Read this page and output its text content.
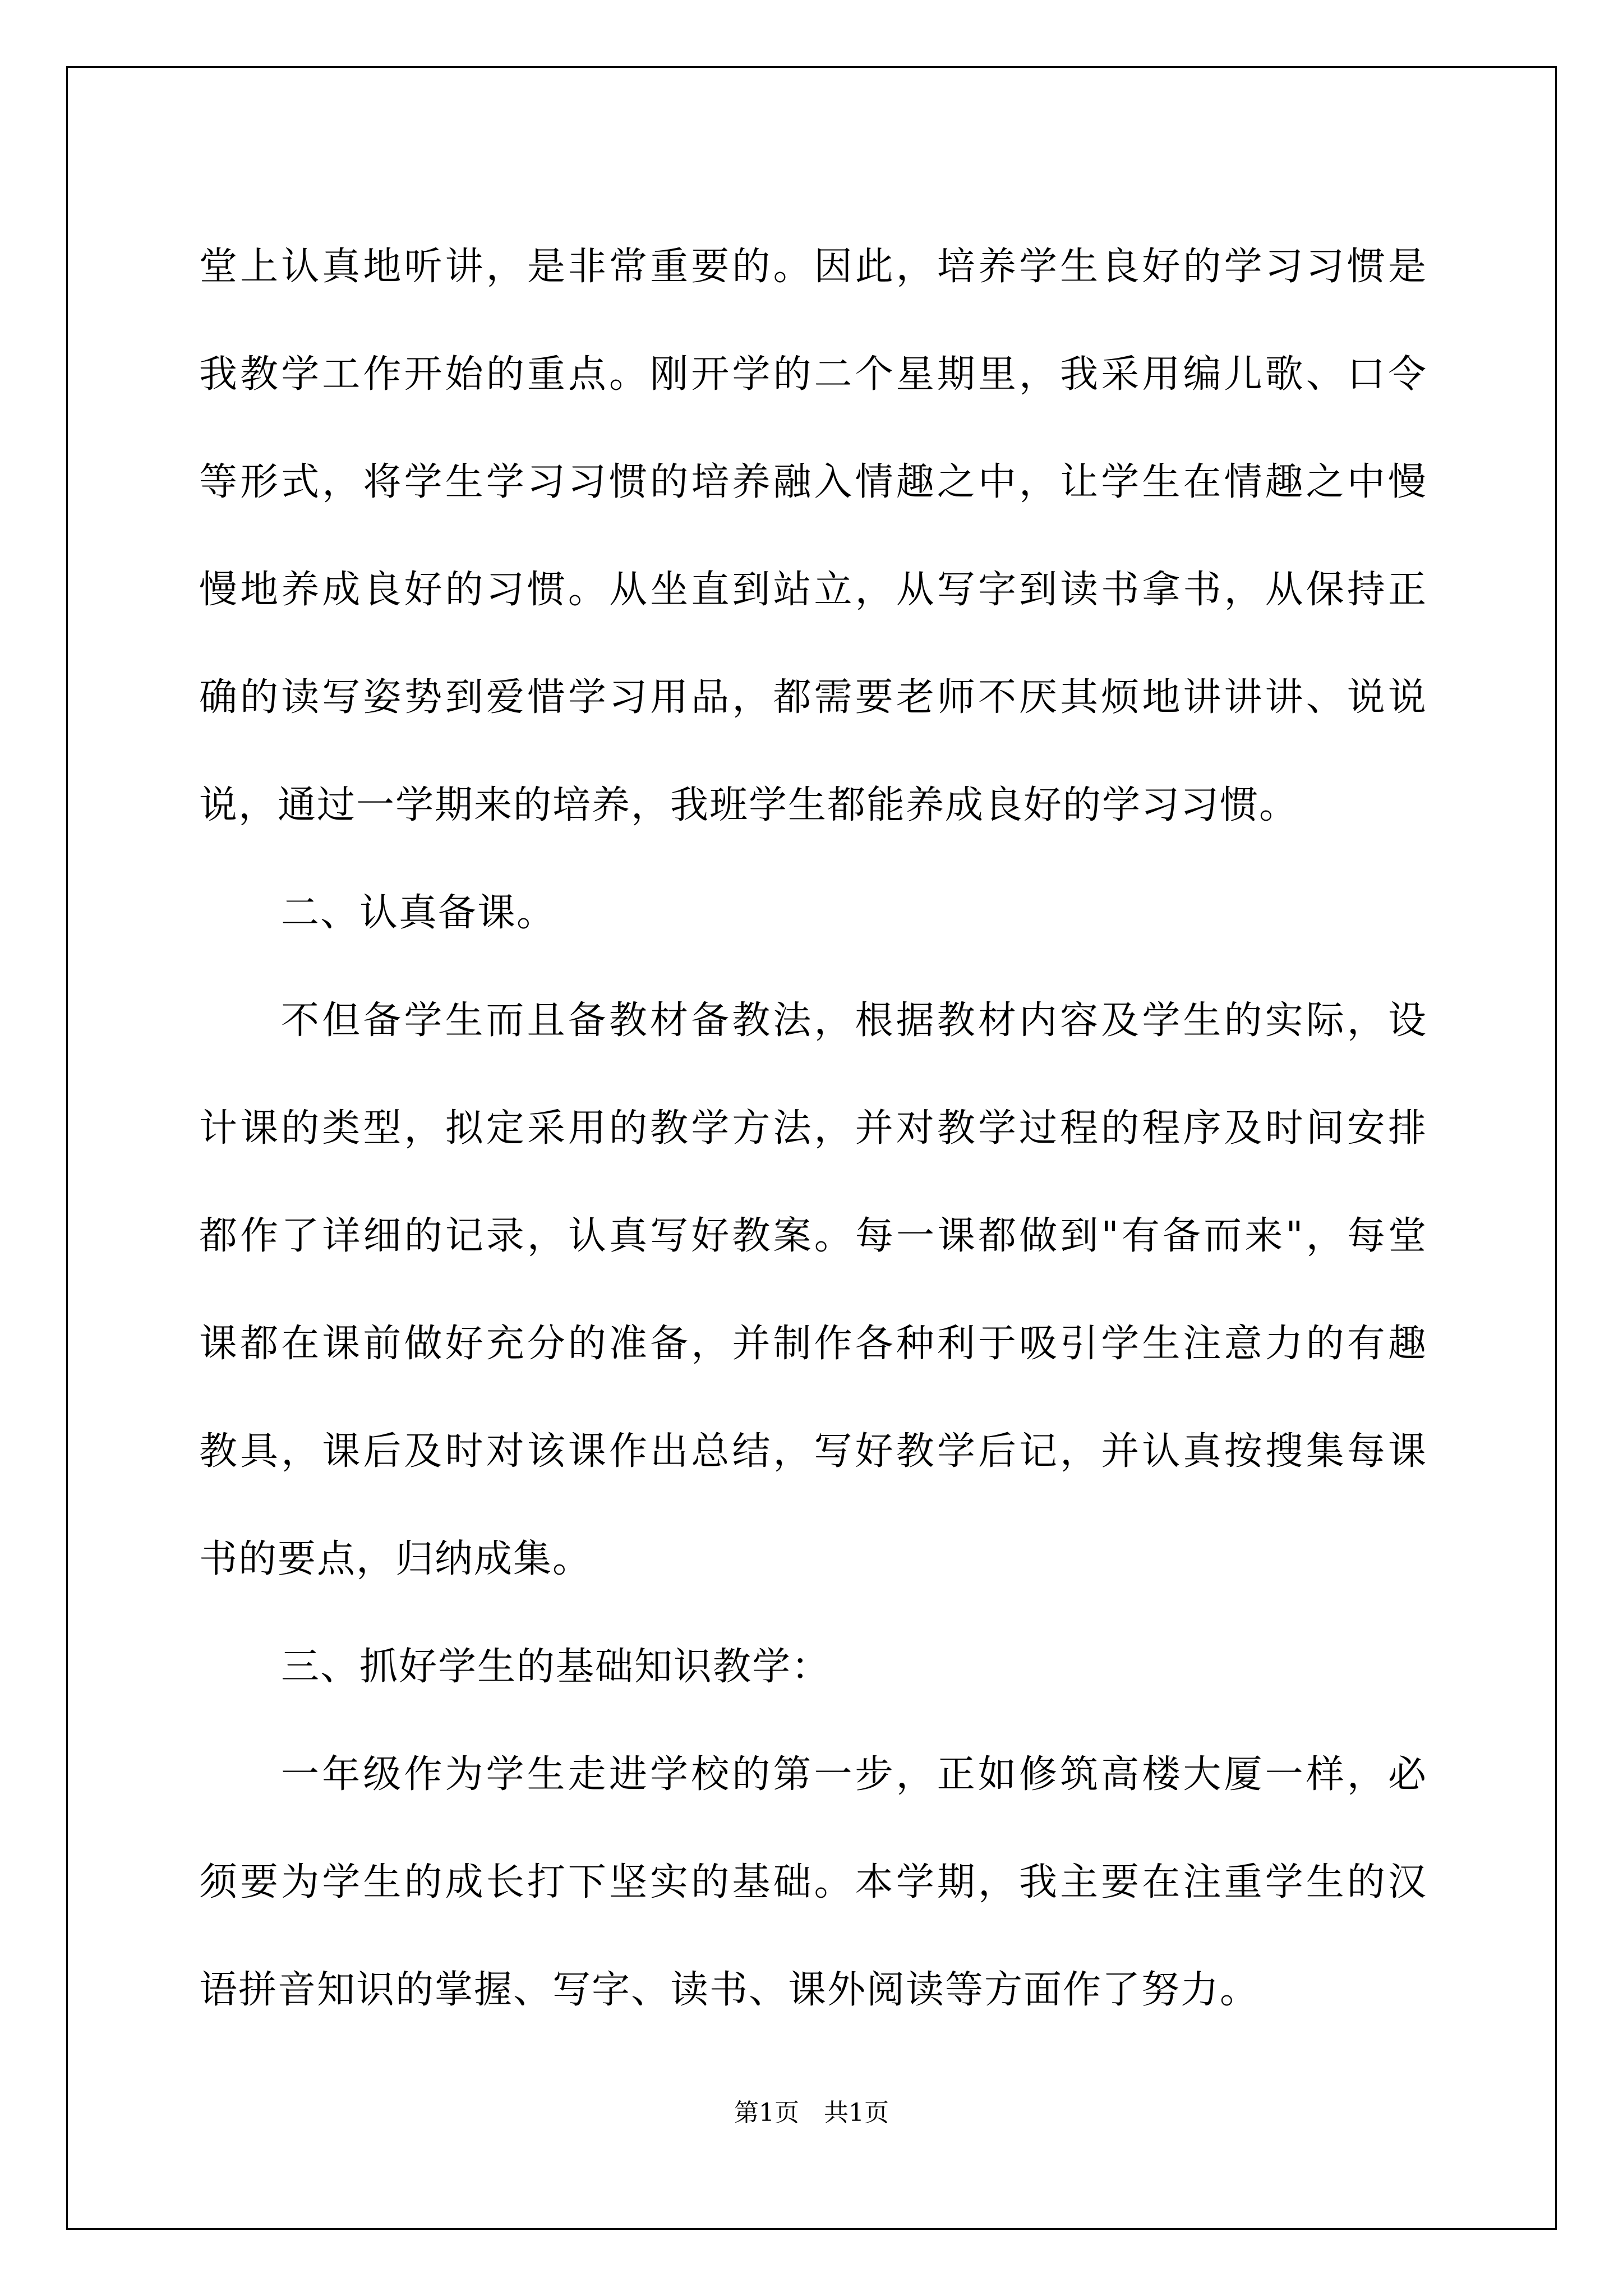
堂上认真地听讲，是非常重要的。因此，培养学生良好的学习习惯是
我教学工作开始的重点。刚开学的二个星期里，我采用编儿歌、口令
等形式，将学生学习习惯的培养融入情趣之中，让学生在情趣之中慢
慢地养成良好的习惯。从坐直到站立，从写字到读书拿书，从保持正
确的读写姿势到爱惜学习用品，都需要老师不厌其烦地讲讲讲、说说
说，通过一学期来的培养，我班学生都能养成良好的学习习惯。
二、认真备课。
不但备学生而且备教材备教法，根据教材内容及学生的实际，设
计课的类型，拟定采用的教学方法，并对教学过程的程序及时间安排
都作了详细的记录，认真写好教案。每一课都做到"有备而来"，每堂
课都在课前做好充分的准备，并制作各种利于吸引学生注意力的有趣
教具，课后及时对该课作出总结，写好教学后记，并认真按搜集每课
书的要点，归纳成集。
三、抓好学生的基础知识教学：
一年级作为学生走进学校的第一步，正如修筑高楼大厦一样，必
须要为学生的成长打下坚实的基础。本学期，我主要在注重学生的汉
语拼音知识的掌握、写字、读书、课外阅读等方面作了努力。
第1页　共1页
